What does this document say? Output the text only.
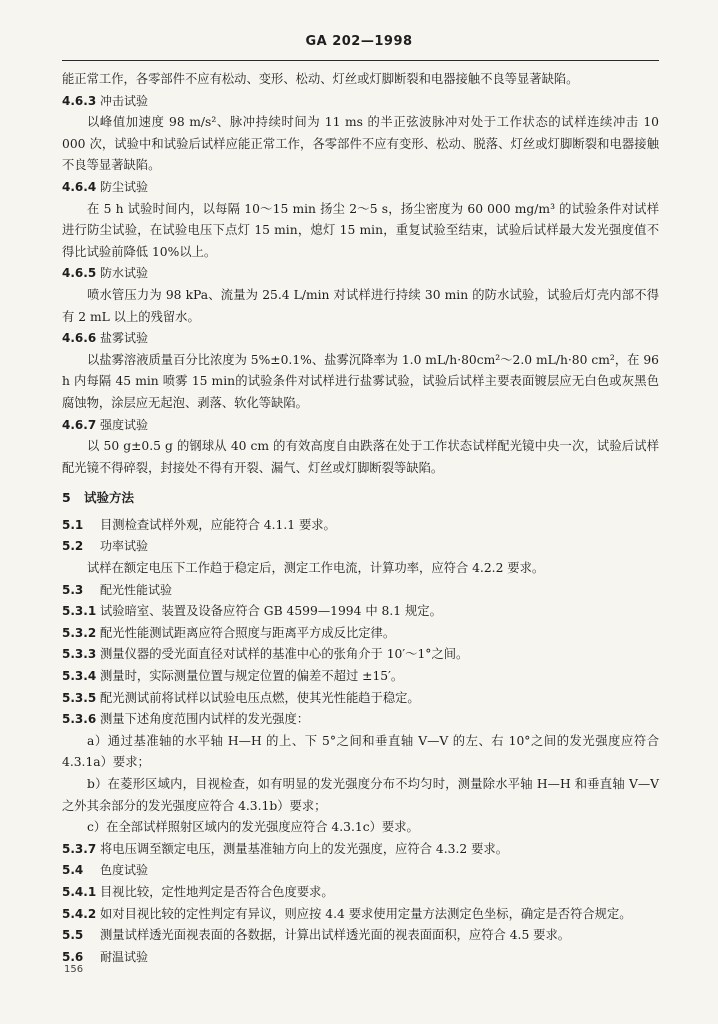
GA 202—1998

能正常工作，各零部件不应有松动、变形、松动、灯丝或灯脚断裂和电器接触不良等显著缺陷。

4.6.3 冲击试验

以峰值加速度 98 m/s²、脉冲持续时间为 11 ms 的半正弦波脉冲对处于工作状态的试样连续冲击 10 000 次，试验中和试验后试样应能正常工作，各零部件不应有变形、松动、脱落、灯丝或灯脚断裂和电器接触不良等显著缺陷。

4.6.4 防尘试验

在 5 h 试验时间内，以每隔 10～15 min 扬尘 2～5 s，扬尘密度为 60 000 mg/m³ 的试验条件对试样进行防尘试验，在试验电压下点灯 15 min，熄灯 15 min，重复试验至结束，试验后试样最大发光强度值不得比试验前降低 10%以上。

4.6.5 防水试验

喷水管压力为 98 kPa、流量为 25.4 L/min 对试样进行持续 30 min 的防水试验，试验后灯壳内部不得有 2 mL 以上的残留水。

4.6.6 盐雾试验

以盐雾溶液质量百分比浓度为 5%±0.1%、盐雾沉降率为 1.0 mL/h·80cm²～2.0 mL/h·80 cm²，在 96 h 内每隔 45 min 喷雾 15 min的试验条件对试样进行盐雾试验，试验后试样主要表面镀层应无白色或灰黑色腐蚀物，涂层应无起泡、剥落、软化等缺陷。

4.6.7 强度试验

以 50 g±0.5 g 的钢球从 40 cm 的有效高度自由跌落在处于工作状态试样配光镜中央一次，试验后试样配光镜不得碎裂，封接处不得有开裂、漏气、灯丝或灯脚断裂等缺陷。

5	试验方法
5.1	目测检查试样外观，应能符合 4.1.1 要求。
5.2	功率试验

试样在额定电压下工作趋于稳定后，测定工作电流，计算功率，应符合 4.2.2 要求。

5.3	配光性能试验
5.3.1 试验暗室、装置及设备应符合 GB 4599—1994 中 8.1 规定。
5.3.2 配光性能测试距离应符合照度与距离平方成反比定律。
5.3.3 测量仪器的受光面直径对试样的基准中心的张角介于 10′～1°之间。
5.3.4 测量时，实际测量位置与规定位置的偏差不超过 ±15′。
5.3.5 配光测试前将试样以试验电压点燃，使其光性能趋于稳定。
5.3.6 测量下述角度范围内试样的发光强度：

a）通过基准轴的水平轴 H—H 的上、下 5°之间和垂直轴 V—V 的左、右 10°之间的发光强度应符合 4.3.1a）要求；

b）在菱形区域内，目视检查，如有明显的发光强度分布不均匀时，测量除水平轴 H—H 和垂直轴 V—V 之外其余部分的发光强度应符合 4.3.1b）要求；

c）在全部试样照射区域内的发光强度应符合 4.3.1c）要求。

5.3.7 将电压调至额定电压，测量基准轴方向上的发光强度，应符合 4.3.2 要求。
5.4	色度试验
5.4.1 目视比较，定性地判定是否符合色度要求。
5.4.2 如对目视比较的定性判定有异议，则应按 4.4 要求使用定量方法测定色坐标，确定是否符合规定。
5.5	测量试样透光面视表面的各数据，计算出试样透光面的视表面面积，应符合 4.5 要求。
5.6	耐温试验
156
